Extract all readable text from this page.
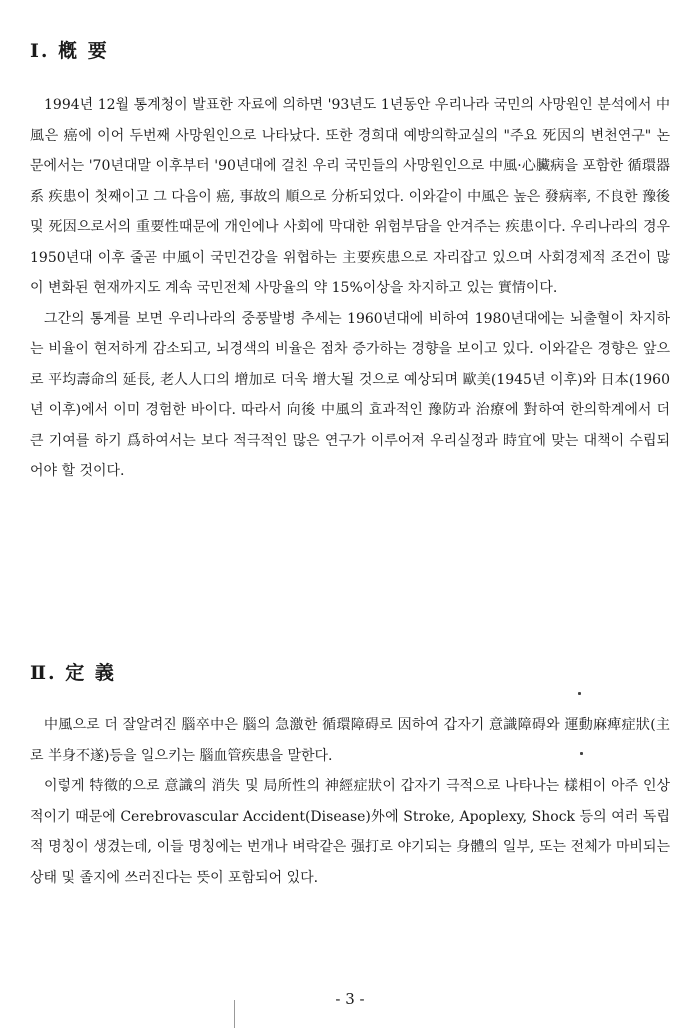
Ⅰ. 槪 要

1994년 12월 통계청이 발표한 자료에 의하면 '93년도 1년동안 우리나라 국민의 사망원인 분석에서 中風은 癌에 이어 두번째 사망원인으로 나타났다. 또한 경희대 예방의학교실의 "주요 死因의 변천연구" 논문에서는 '70년대말 이후부터 '90년대에 걸친 우리 국민들의 사망원인으로 中風·心臟病을 포함한 循環器系 疾患이 첫째이고 그 다음이 癌, 事故의 順으로 分析되었다. 이와같이 中風은 높은 發病率, 不良한 豫後 및 死因으로서의 重要性때문에 개인에나 사회에 막대한 위험부담을 안겨주는 疾患이다. 우리나라의 경우 1950년대 이후 줄곧 中風이 국민건강을 위협하는 主要疾患으로 자리잡고 있으며 사회경제적 조건이 많이 변화된 현재까지도 계속 국민전체 사망율의 약 15%이상을 차지하고 있는 實情이다.

그간의 통계를 보면 우리나라의 중풍발병 추세는 1960년대에 비하여 1980년대에는 뇌출혈이 차지하는 비율이 현저하게 감소되고, 뇌경색의 비율은 점차 증가하는 경향을 보이고 있다. 이와같은 경향은 앞으로 平均壽命의 延長, 老人人口의 增加로 더욱 增大될 것으로 예상되며 歐美(1945년 이후)와 日本(1960년 이후)에서 이미 경험한 바이다. 따라서 向後 中風의 효과적인 豫防과 治療에 對하여 한의학계에서 더 큰 기여를 하기 爲하여서는 보다 적극적인 많은 연구가 이루어져 우리실정과 時宜에 맞는 대책이 수립되어야 할 것이다.

Ⅱ. 定 義

中風으로 더 잘알려진 腦卒中은 腦의 急激한 循環障碍로 因하여 갑자기 意識障碍와 運動麻痺症狀(主로 半身不遂)등을 일으키는 腦血管疾患을 말한다.

이렇게 特徵的으로 意識의 消失 및 局所性의 神經症狀이 갑자기 극적으로 나타나는 樣相이 아주 인상적이기 때문에 Cerebrovascular Accident(Disease)外에 Stroke, Apoplexy, Shock 등의 여러 독립적 명칭이 생겼는데, 이들 명칭에는 번개나 벼락같은 强打로 야기되는 身體의 일부, 또는 전체가 마비되는 상태 및 졸지에 쓰러진다는 뜻이 포함되어 있다.

- 3 -
